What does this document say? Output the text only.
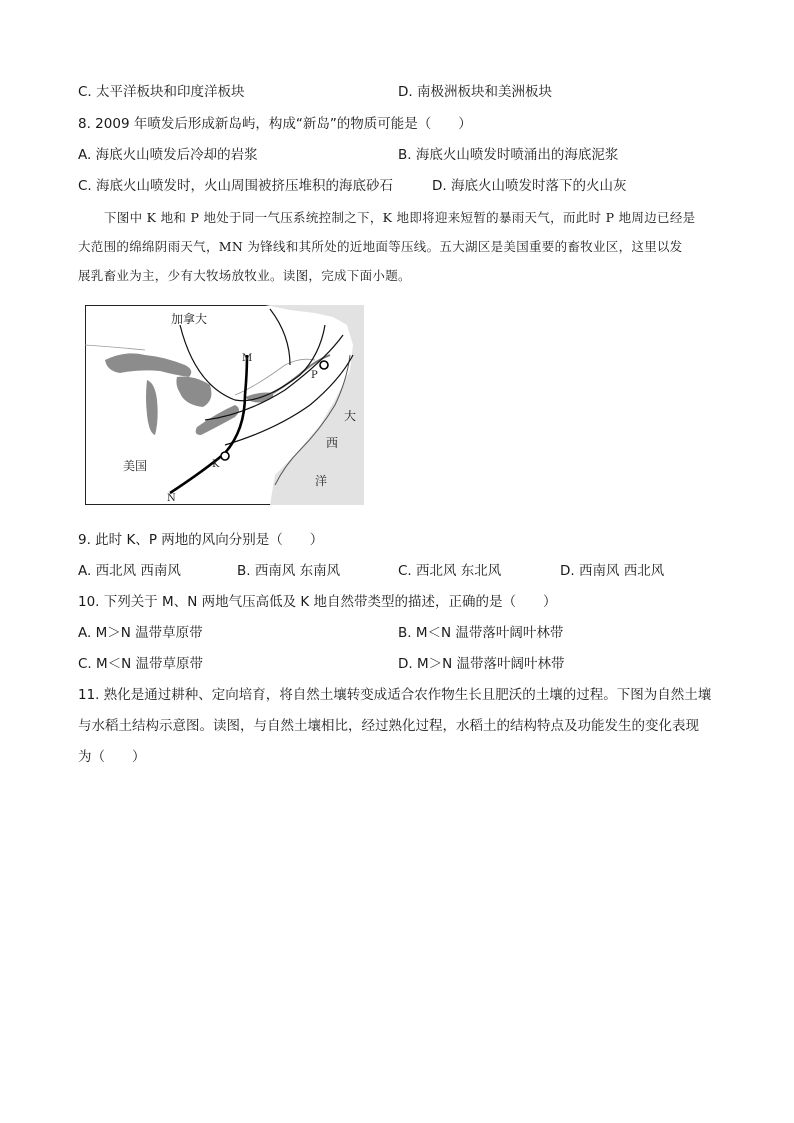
C. 太平洋板块和印度洋板块	D. 南极洲板块和美洲板块
8. 2009 年喷发后形成新岛屿，构成“新岛”的物质可能是（　　）
A. 海底火山喷发后冷却的岩浆	B. 海底火山喷发时喷涌出的海底泥浆
C. 海底火山喷发时，火山周围被挤压堆积的海底砂石	D. 海底火山喷发时落下的火山灰
下图中 K 地和 P 地处于同一气压系统控制之下，K 地即将迎来短暂的暴雨天气，而此时 P 地周边已经是
大范围的绵绵阴雨天气，MN 为锋线和其所处的近地面等压线。五大湖区是美国重要的畜牧业区，这里以发
展乳畜业为主，少有大牧场放牧业。读图，完成下面小题。
加拿大
美国
M
N
K
P
大
西
洋
9. 此时 K、P 两地的风向分别是（　　）
A. 西北风 西南风	B. 西南风 东南风	C. 西北风 东北风	D. 西南风 西北风
10. 下列关于 M、N 两地气压高低及 K 地自然带类型的描述，正确的是（　　）
A. M＞N 温带草原带	B. M＜N 温带落叶阔叶林带
C. M＜N 温带草原带	D. M＞N 温带落叶阔叶林带
11. 熟化是通过耕种、定向培育，将自然土壤转变成适合农作物生长且肥沃的土壤的过程。下图为自然土壤
与水稻土结构示意图。读图，与自然土壤相比，经过熟化过程，水稻土的结构特点及功能发生的变化表现
为（　　）
